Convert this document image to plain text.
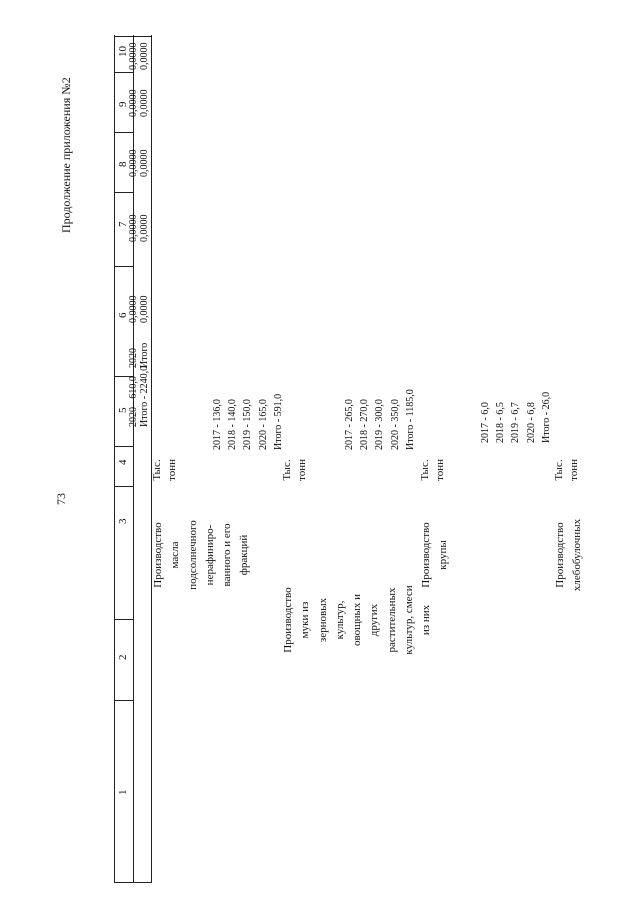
73
Продолжение приложения №2
1
2
3
4
5
6
7
8
9
10
2020 - 610,0 Итого - 2240,0
2020 Итого
0,0000 0,0000
0,0000 0,0000
0,0000 0,0000
0,0000 0,0000
0,0000 0,0000
Производство масла подсолнечного нерафиниро- ванного и его фракций
Тыс. тонн
2017 - 136,0 2018 - 140,0 2019 - 150,0 2020 - 165,0 Итого - 591,0
Производство муки из зерновых культур, овощных и других растительных культур, смеси из них
Тыс. тонн
2017 - 265,0 2018 - 270,0 2019 - 300,0 2020 - 350,0 Итого - 1185,0
Производство крупы
Тыс. тонн
2017 - 6,0 2018 - 6,5 2019 - 6,7 2020 - 6,8 Итого - 26,0
Производство хлебобулочных
Тыс. тонн
